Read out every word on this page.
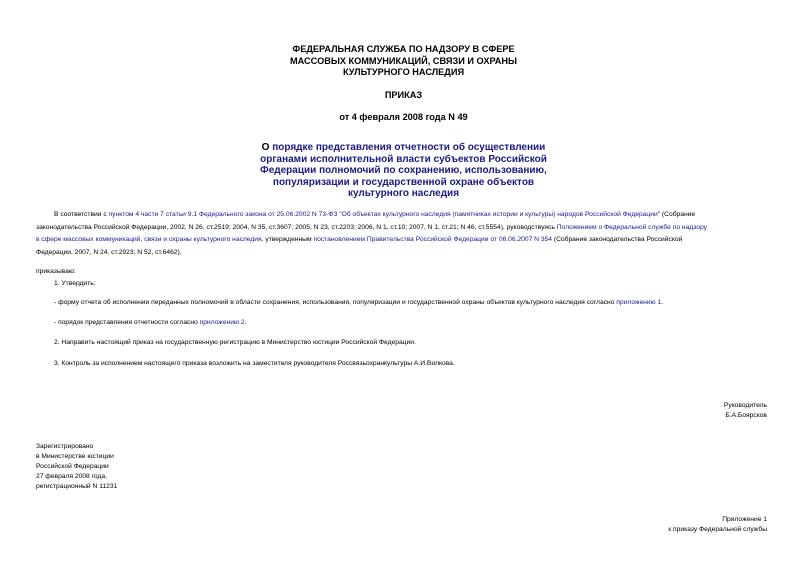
ФЕДЕРАЛЬНАЯ СЛУЖБА ПО НАДЗОРУ В СФЕРЕ
МАССОВЫХ КОММУНИКАЦИЙ, СВЯЗИ И ОХРАНЫ
КУЛЬТУРНОГО НАСЛЕДИЯ
ПРИКАЗ
от 4 февраля 2008 года N 49
О порядке представления отчетности об осуществлении
органами исполнительной власти субъектов Российской
Федерации полномочий по сохранению, использованию,
популяризации и государственной охране объектов
культурного наследия
В соответствии с пунктом 4 части 7 статьи 9.1 Федерального закона от 25.06.2002 N 73-ФЗ "Об объектах культурного наследия (памятниках истории и культуры) народов Российской Федерации" (Собрание
законодательства Российской Федерации, 2002, N 26, ст.2519; 2004, N 35, ст.3607; 2005, N 23, ст.2203; 2006, N 1, ст.10; 2007, N 1, ст.21; N 46, ст.5554), руководствуясь Положением о Федеральной службе по надзору
в сфере массовых коммуникаций, связи и охраны культурного наследия, утвержденным постановлением Правительства Российской Федерации от 06.06.2007 N 354 (Собрание законодательства Российской
Федерации, 2007, N 24, ст.2923; N 52, ст.6462),
приказываю:
1. Утвердить:
- форму отчета об исполнении переданных полномочий в области сохранения, использования, популяризации и государственной охраны объектов культурного наследия согласно приложению 1.
- порядок представления отчетности согласно приложению 2.
2. Направить настоящий приказ на государственную регистрацию в Министерство юстиции Российской Федерации.
3. Контроль за исполнением настоящего приказа возложить на заместителя руководителя Россвязьохранкультуры А.И.Вилкова.
Руководитель
Б.А.Боярсков
Зарегистрировано
в Министерстве юстиции
Российской Федерации
27 февраля 2008 года,
регистрационный N 11231
Приложение 1
к приказу Федеральной службы
